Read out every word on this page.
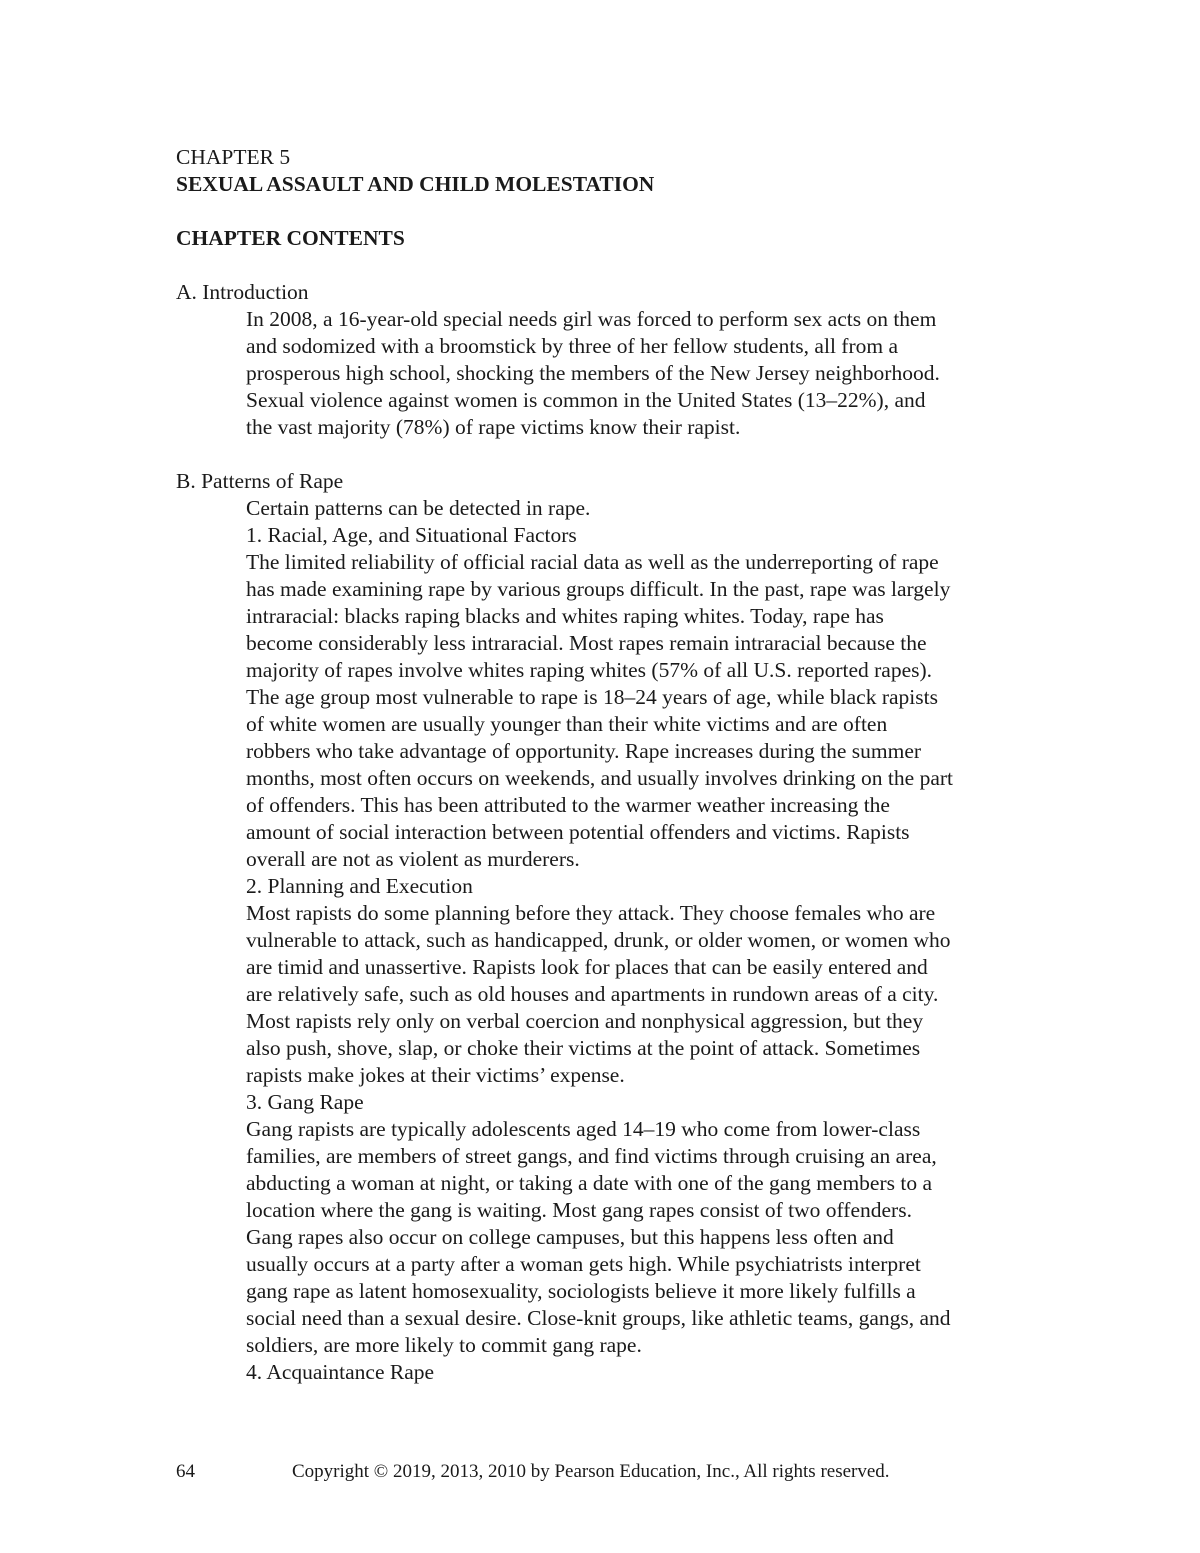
CHAPTER 5
SEXUAL ASSAULT AND CHILD MOLESTATION
CHAPTER CONTENTS
A. Introduction
In 2008, a 16-year-old special needs girl was forced to perform sex acts on them
and sodomized with a broomstick by three of her fellow students, all from a
prosperous high school, shocking the members of the New Jersey neighborhood.
Sexual violence against women is common in the United States (13–22%), and
the vast majority (78%) of rape victims know their rapist.
B. Patterns of Rape
Certain patterns can be detected in rape.
1. Racial, Age, and Situational Factors
The limited reliability of official racial data as well as the underreporting of rape
has made examining rape by various groups difficult. In the past, rape was largely
intraracial: blacks raping blacks and whites raping whites. Today, rape has
become considerably less intraracial. Most rapes remain intraracial because the
majority of rapes involve whites raping whites (57% of all U.S. reported rapes).
The age group most vulnerable to rape is 18–24 years of age, while black rapists
of white women are usually younger than their white victims and are often
robbers who take advantage of opportunity. Rape increases during the summer
months, most often occurs on weekends, and usually involves drinking on the part
of offenders. This has been attributed to the warmer weather increasing the
amount of social interaction between potential offenders and victims. Rapists
overall are not as violent as murderers.
2. Planning and Execution
Most rapists do some planning before they attack. They choose females who are
vulnerable to attack, such as handicapped, drunk, or older women, or women who
are timid and unassertive. Rapists look for places that can be easily entered and
are relatively safe, such as old houses and apartments in rundown areas of a city.
Most rapists rely only on verbal coercion and nonphysical aggression, but they
also push, shove, slap, or choke their victims at the point of attack. Sometimes
rapists make jokes at their victims’ expense.
3. Gang Rape
Gang rapists are typically adolescents aged 14–19 who come from lower-class
families, are members of street gangs, and find victims through cruising an area,
abducting a woman at night, or taking a date with one of the gang members to a
location where the gang is waiting. Most gang rapes consist of two offenders.
Gang rapes also occur on college campuses, but this happens less often and
usually occurs at a party after a woman gets high. While psychiatrists interpret
gang rape as latent homosexuality, sociologists believe it more likely fulfills a
social need than a sexual desire. Close-knit groups, like athletic teams, gangs, and
soldiers, are more likely to commit gang rape.
4. Acquaintance Rape
64	Copyright © 2019, 2013, 2010 by Pearson Education, Inc., All rights reserved.
